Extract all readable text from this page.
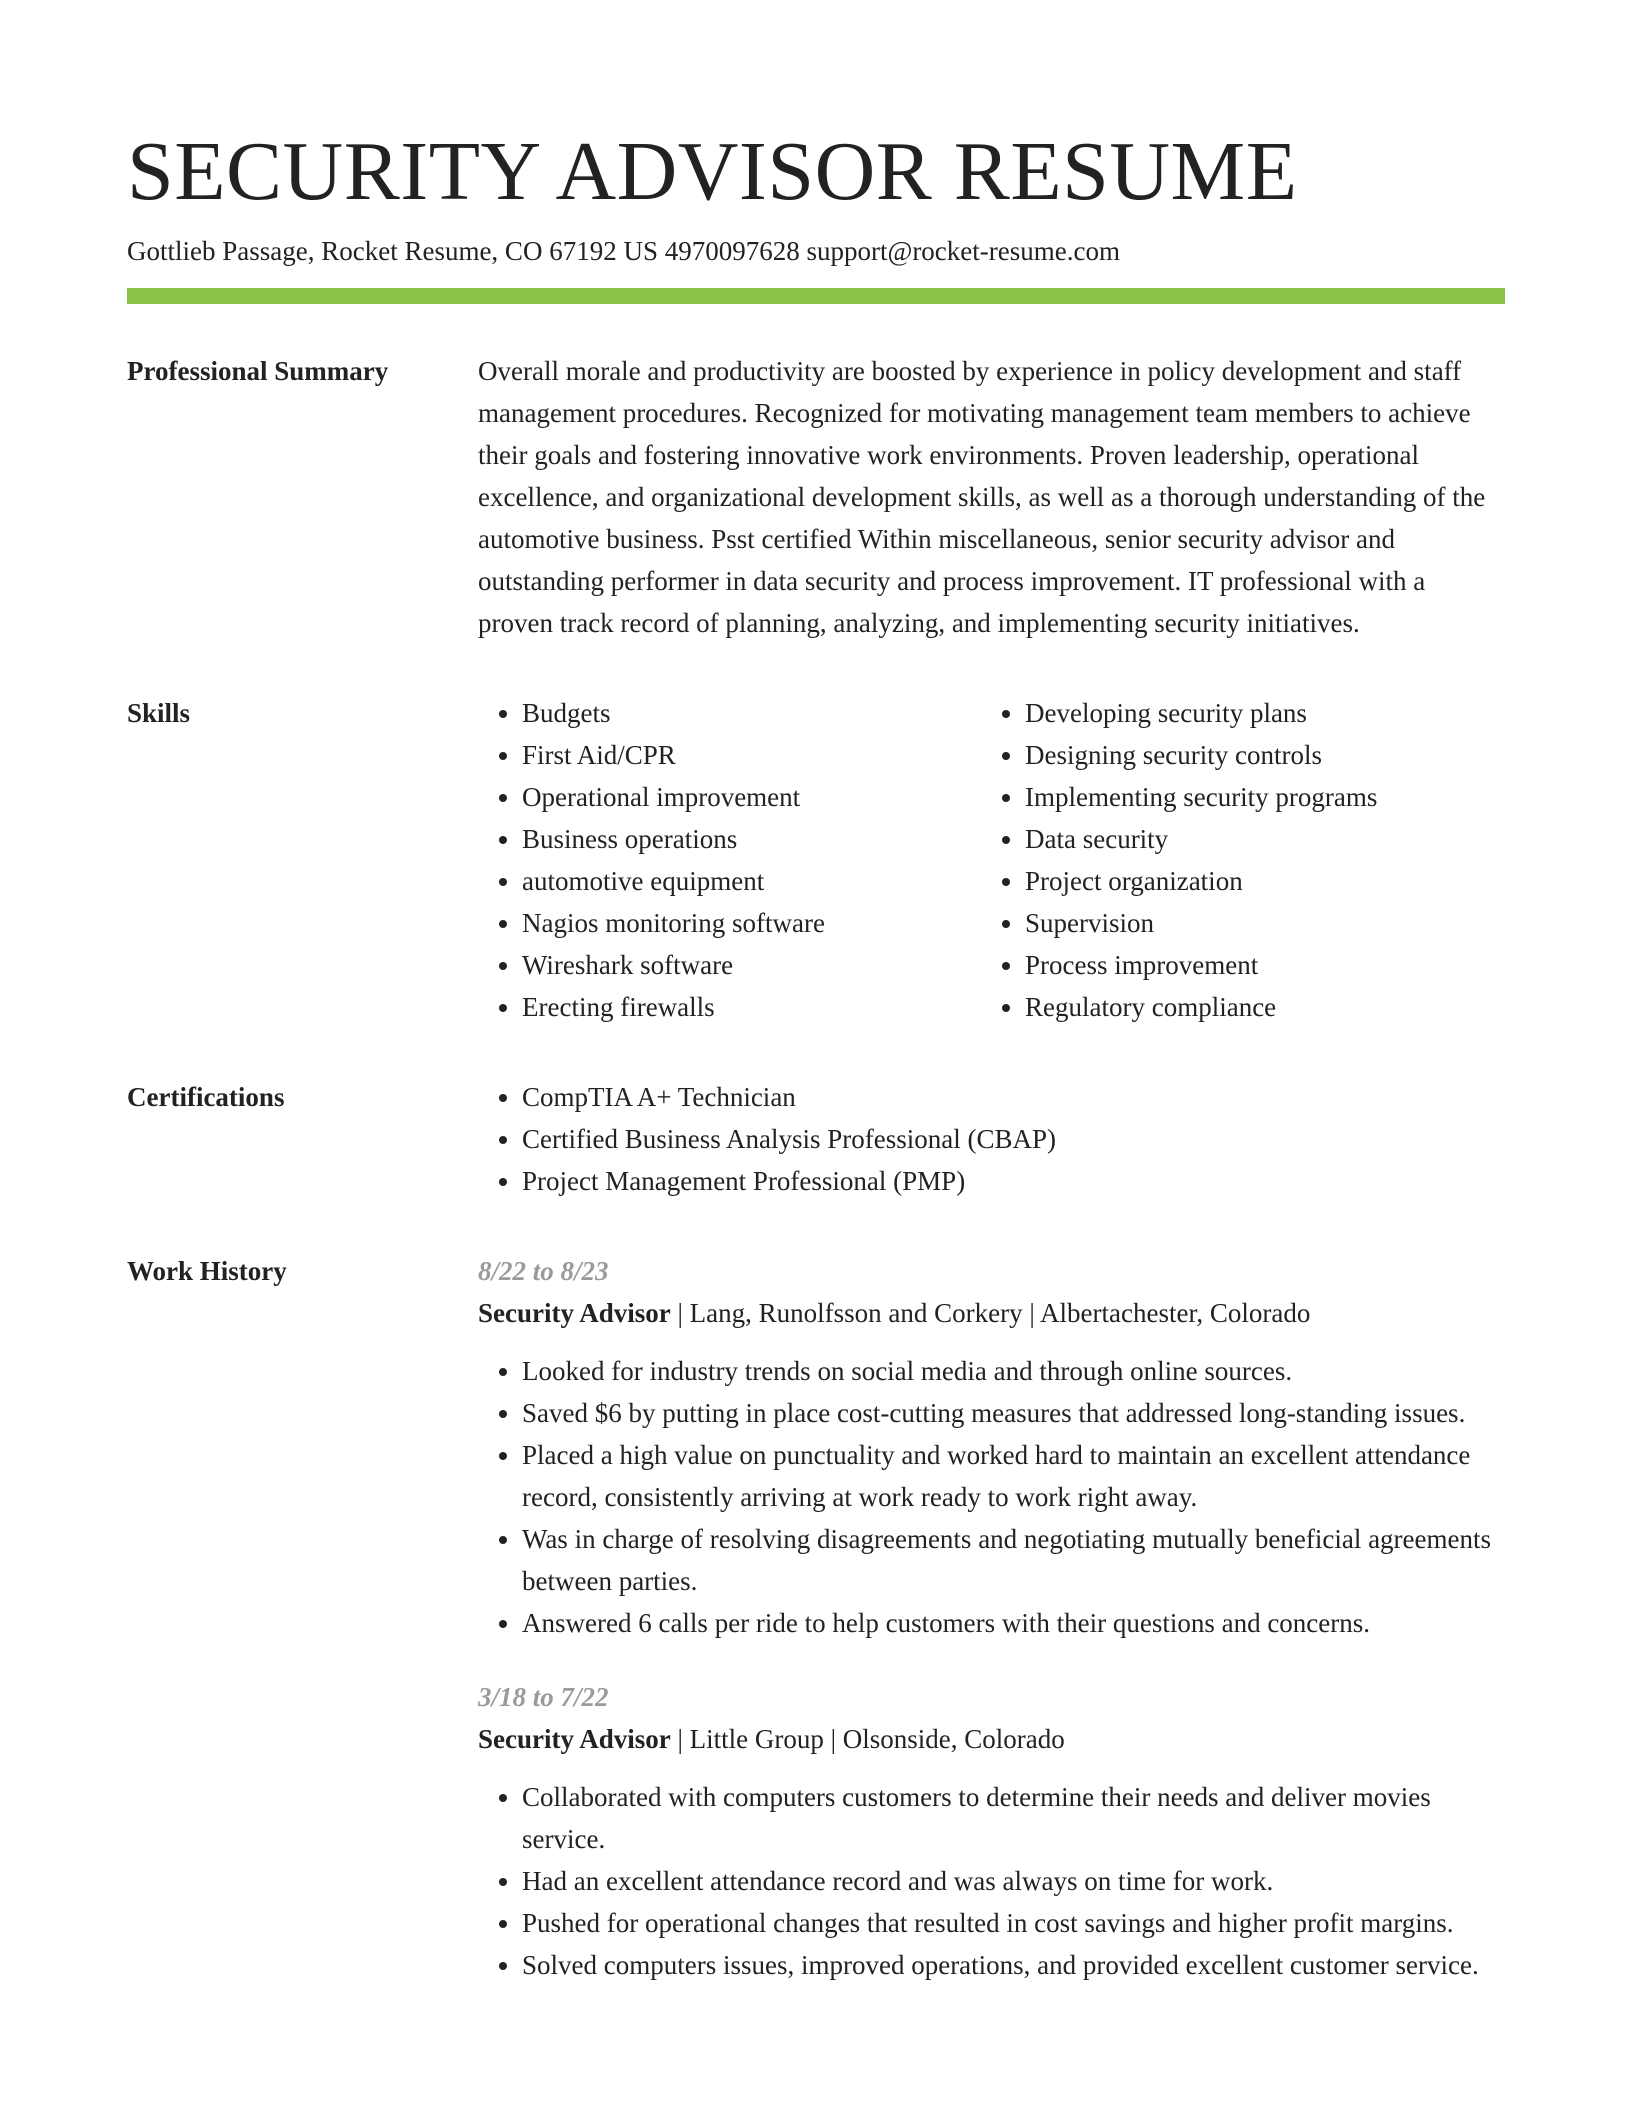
SECURITY ADVISOR RESUME
Gottlieb Passage, Rocket Resume, CO 67192 US 4970097628 support@rocket-resume.com
Professional Summary	Overall morale and productivity are boosted by experience in policy development and staff management procedures. Recognized for motivating management team members to achieve their goals and fostering innovative work environments. Proven leadership, operational excellence, and organizational development skills, as well as a thorough understanding of the automotive business. Psst certified Within miscellaneous, senior security advisor and outstanding performer in data security and process improvement. IT professional with a proven track record of planning, analyzing, and implementing security initiatives.

Skills	• Budgets
• First Aid/CPR
• Operational improvement
• Business operations
• automotive equipment
• Nagios monitoring software
• Wireshark software
• Erecting firewalls
• Developing security plans
• Designing security controls
• Implementing security programs
• Data security
• Project organization
• Supervision
• Process improvement
• Regulatory compliance
Certifications	• CompTIA A+ Technician
• Certified Business Analysis Professional (CBAP)
• Project Management Professional (PMP)
Work History	8/22 to 8/23
Security Advisor | Lang, Runolfsson and Corkery | Albertachester, Colorado
• Looked for industry trends on social media and through online sources.
• Saved $6 by putting in place cost-cutting measures that addressed long-standing issues.
• Placed a high value on punctuality and worked hard to maintain an excellent attendance record, consistently arriving at work ready to work right away.
• Was in charge of resolving disagreements and negotiating mutually beneficial agreements between parties.
• Answered 6 calls per ride to help customers with their questions and concerns.
3/18 to 7/22
Security Advisor | Little Group | Olsonside, Colorado
• Collaborated with computers customers to determine their needs and deliver movies service.
• Had an excellent attendance record and was always on time for work.
• Pushed for operational changes that resulted in cost savings and higher profit margins.
• Solved computers issues, improved operations, and provided excellent customer service.
